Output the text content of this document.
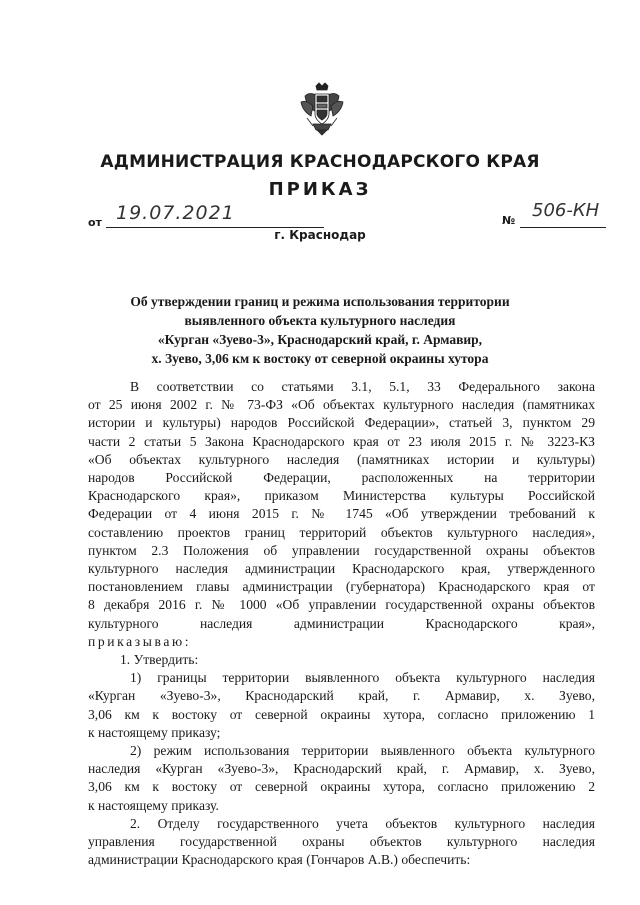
АДМИНИСТРАЦИЯ КРАСНОДАРСКОГО КРАЯ
ПРИКАЗ
от 19.07.2021	№ 506-КН
г. Краснодар
Об утверждении границ и режима использования территории
выявленного объекта культурного наследия
«Курган «Зуево-3», Краснодарский край, г. Армавир,
х. Зуево, 3,06 км к востоку от северной окраины хутора
В соответствии со статьями 3.1, 5.1, 33 Федерального закона
от 25 июня 2002 г. № 73-ФЗ «Об объектах культурного наследия (памятниках
истории и культуры) народов Российской Федерации», статьей 3, пунктом 29
части 2 статьи 5 Закона Краснодарского края от 23 июля 2015 г. № 3223-КЗ
«Об объектах культурного наследия (памятниках истории и культуры)
народов Российской Федерации, расположенных на территории
Краснодарского края», приказом Министерства культуры Российской
Федерации от 4 июня 2015 г. № 1745 «Об утверждении требований к
составлению проектов границ территорий объектов культурного наследия»,
пунктом 2.3 Положения об управлении государственной охраны объектов
культурного наследия администрации Краснодарского края, утвержденного
постановлением главы администрации (губернатора) Краснодарского края от
8 декабря 2016 г. № 1000 «Об управлении государственной охраны объектов
культурного наследия администрации Краснодарского края»,
приказываю:
1. Утвердить:
1) границы территории выявленного объекта культурного наследия
«Курган «Зуево-3», Краснодарский край, г. Армавир, х. Зуево,
3,06 км к востоку от северной окраины хутора, согласно приложению 1
к настоящему приказу;
2) режим использования территории выявленного объекта культурного
наследия «Курган «Зуево-3», Краснодарский край, г. Армавир, х. Зуево,
3,06 км к востоку от северной окраины хутора, согласно приложению 2
к настоящему приказу.
2. Отделу государственного учета объектов культурного наследия
управления государственной охраны объектов культурного наследия
администрации Краснодарского края (Гончаров А.В.) обеспечить:
